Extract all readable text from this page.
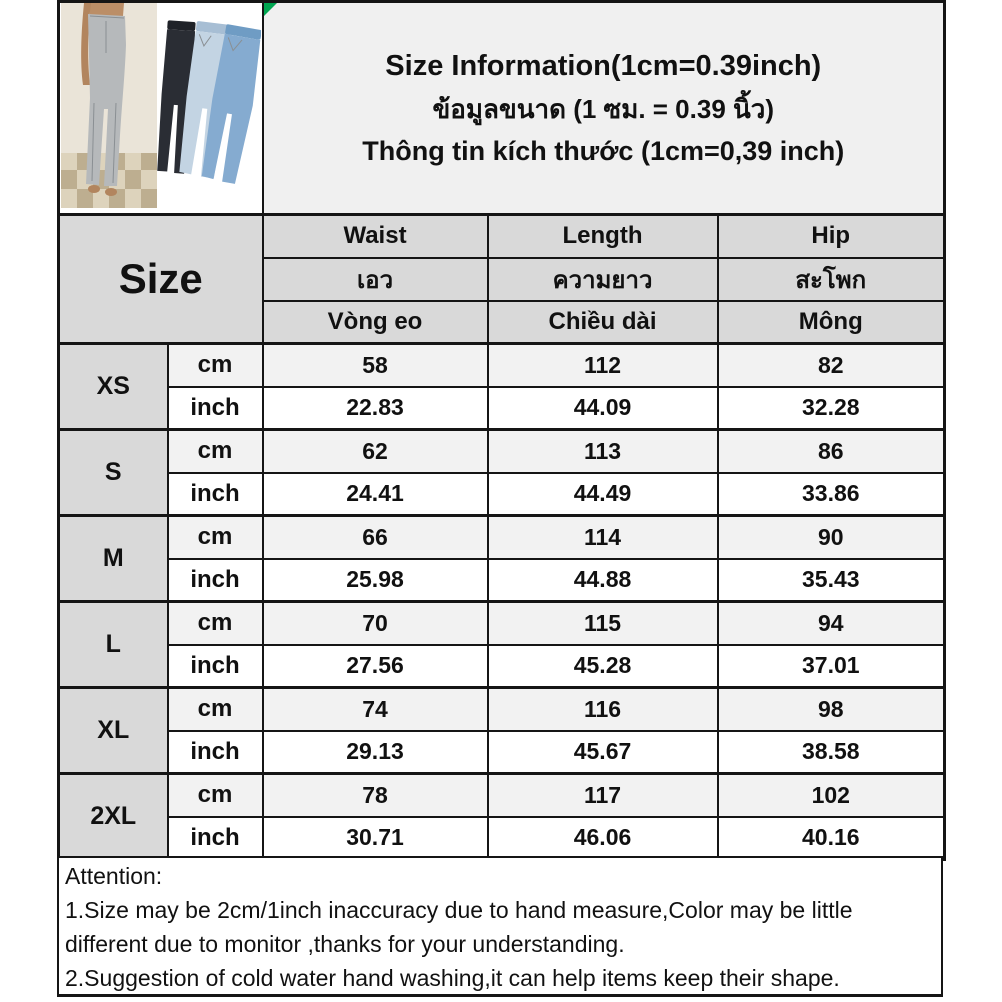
Size Information(1cm=0.39inch)
ข้อมูลขนาด (1 ซม. = 0.39 นิ้ว)
Thông tin kích thước (1cm=0,39 inch)		

Size		Waist	Length	Hip
		เอว	ความยาว	สะโพก
		Vòng eo	Chiều dài	Mông
XS	cm	58	112	82
	inch	22.83	44.09	32.28
S	cm	62	113	86
	inch	24.41	44.49	33.86
M	cm	66	114	90
	inch	25.98	44.88	35.43
L	cm	70	115	94
	inch	27.56	45.28	37.01
XL	cm	74	116	98
	inch	29.13	45.67	38.58
2XL	cm	78	117	102
	inch	30.71	46.06	40.16
Attention:
1.Size may be 2cm/1inch inaccuracy due to hand measure,Color may be little different due to monitor ,thanks for your understanding.
2.Suggestion of cold water hand washing,it can help items keep their shape.
